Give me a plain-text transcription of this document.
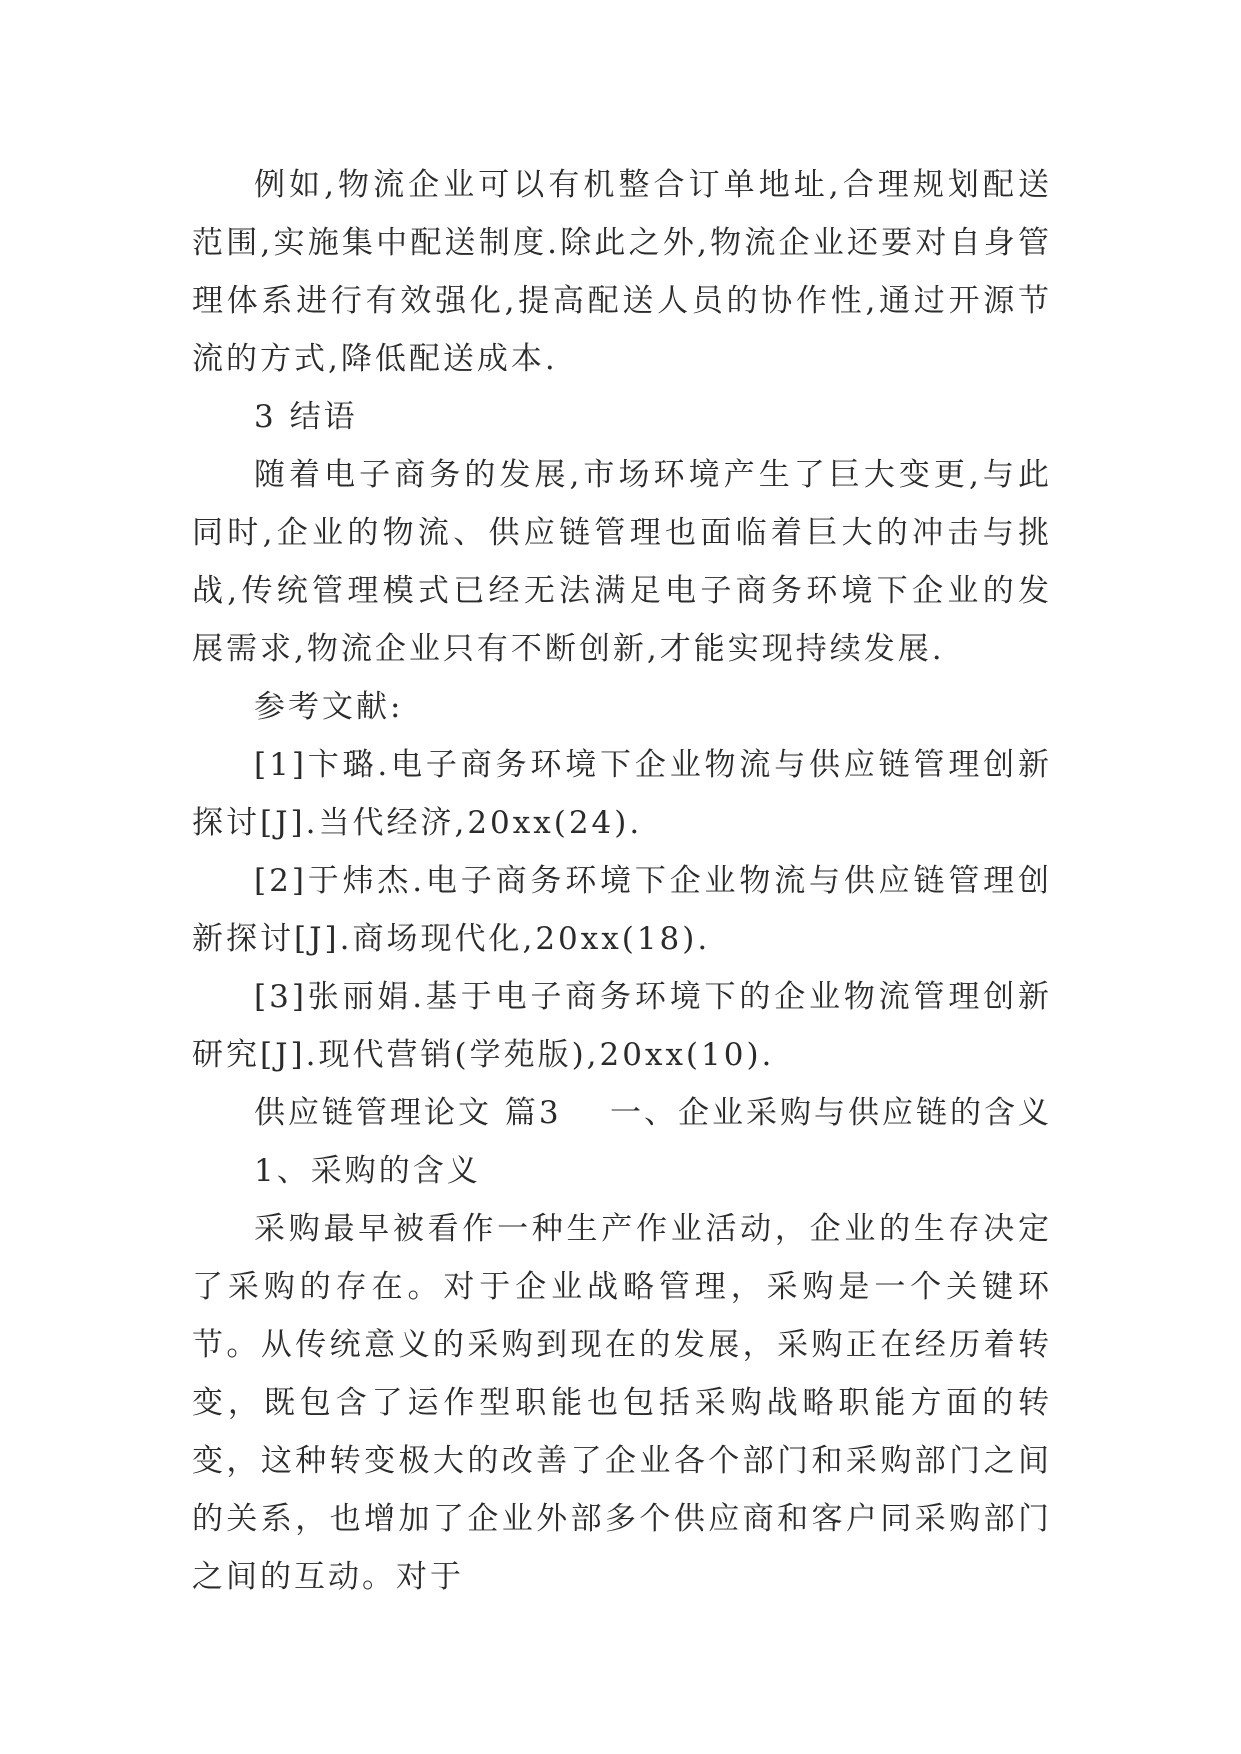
例如,物流企业可以有机整合订单地址,合理规划配送范围,实施集中配送制度.除此之外,物流企业还要对自身管理体系进行有效强化,提高配送人员的协作性,通过开源节流的方式,降低配送成本.

3 结语

随着电子商务的发展,市场环境产生了巨大变更,与此同时,企业的物流、供应链管理也面临着巨大的冲击与挑战,传统管理模式已经无法满足电子商务环境下企业的发展需求,物流企业只有不断创新,才能实现持续发展.

参考文献:

[1]卞璐.电子商务环境下企业物流与供应链管理创新探讨[J].当代经济,20xx(24).

[2]于炜杰.电子商务环境下企业物流与供应链管理创新探讨[J].商场现代化,20xx(18).

[3]张丽娟.基于电子商务环境下的企业物流管理创新研究[J].现代营销(学苑版),20xx(10).

供应链管理论文 篇3 一、企业采购与供应链的含义

1、采购的含义

采购最早被看作一种生产作业活动，企业的生存决定了采购的存在。对于企业战略管理，采购是一个关键环节。从传统意义的采购到现在的发展，采购正在经历着转变，既包含了运作型职能也包括采购战略职能方面的转变，这种转变极大的改善了企业各个部门和采购部门之间的关系，也增加了企业外部多个供应商和客户同采购部门之间的互动。对于
